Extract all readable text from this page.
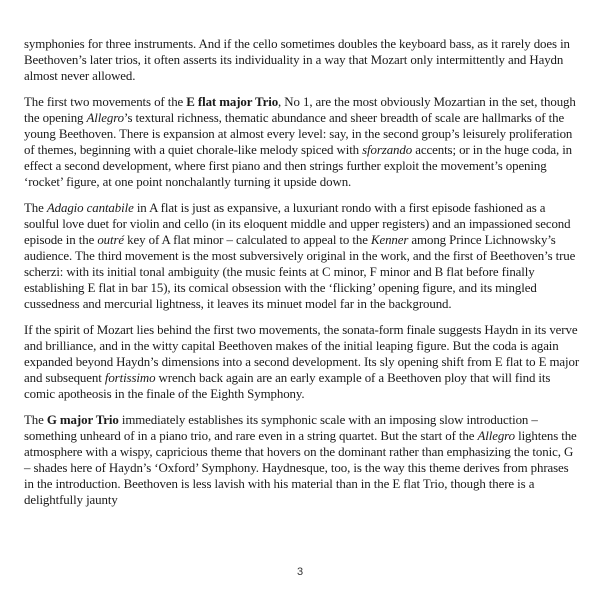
symphonies for three instruments. And if the cello sometimes doubles the keyboard bass, as it rarely does in Beethoven’s later trios, it often asserts its individuality in a way that Mozart only intermittently and Haydn almost never allowed.

The first two movements of the E flat major Trio, No 1, are the most obviously Mozartian in the set, though the opening Allegro’s textural richness, thematic abundance and sheer breadth of scale are hallmarks of the young Beethoven. There is expansion at almost every level: say, in the second group’s leisurely proliferation of themes, beginning with a quiet chorale-like melody spiced with sforzando accents; or in the huge coda, in effect a second development, where first piano and then strings further exploit the movement’s opening ‘rocket’ figure, at one point nonchalantly turning it upside down.

The Adagio cantabile in A flat is just as expansive, a luxuriant rondo with a first episode fashioned as a soulful love duet for violin and cello (in its eloquent middle and upper registers) and an impassioned second episode in the outré key of A flat minor – calculated to appeal to the Kenner among Prince Lichnowsky’s audience. The third movement is the most subversively original in the work, and the first of Beethoven’s true scherzi: with its initial tonal ambiguity (the music feints at C minor, F minor and B flat before finally establishing E flat in bar 15), its comical obsession with the ‘flicking’ opening figure, and its mingled cussedness and mercurial lightness, it leaves its minuet model far in the background.

If the spirit of Mozart lies behind the first two movements, the sonata-form finale suggests Haydn in its verve and brilliance, and in the witty capital Beethoven makes of the initial leaping figure. But the coda is again expanded beyond Haydn’s dimensions into a second development. Its sly opening shift from E flat to E major and subsequent fortissimo wrench back again are an early example of a Beethoven ploy that will find its comic apotheosis in the finale of the Eighth Symphony.

The G major Trio immediately establishes its symphonic scale with an imposing slow introduction – something unheard of in a piano trio, and rare even in a string quartet. But the start of the Allegro lightens the atmosphere with a wispy, capricious theme that hovers on the dominant rather than emphasizing the tonic, G – shades here of Haydn’s ‘Oxford’ Symphony. Haydnesque, too, is the way this theme derives from phrases in the introduction. Beethoven is less lavish with his material than in the E flat Trio, though there is a delightfully jaunty

3
